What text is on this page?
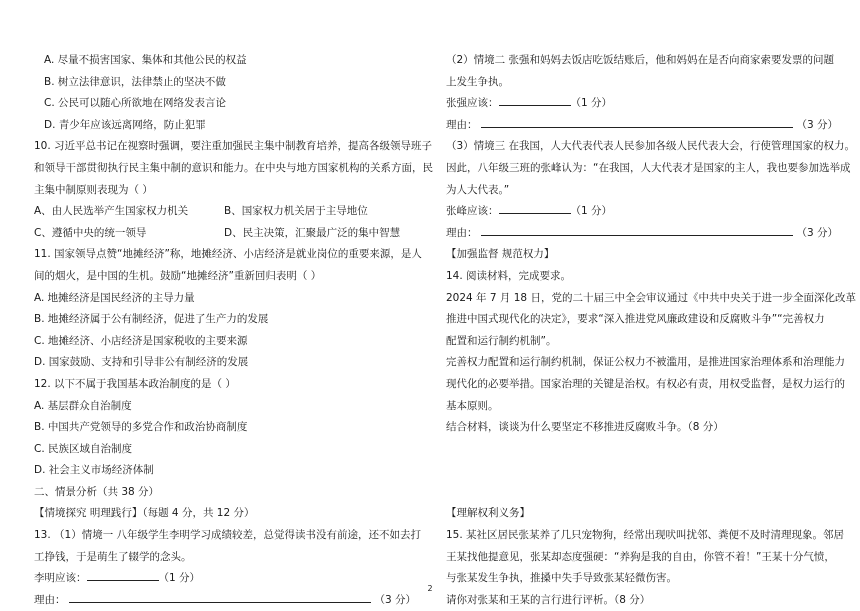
A. 尽量不损害国家、集体和其他公民的权益
B. 树立法律意识，法律禁止的坚决不做
C. 公民可以随心所欲地在网络发表言论
D. 青少年应该远离网络，防止犯罪
10. 习近平总书记在视察时强调，要注重加强民主集中制教育培养，提高各级领导班子
和领导干部贯彻执行民主集中制的意识和能力。在中央与地方国家机构的关系方面，民
主集中制原则表现为（ ）
A、由人民选举产生国家权力机关	B、国家权力机关居于主导地位
C、遵循中央的统一领导	D、民主决策，汇聚最广泛的集中智慧
11. 国家领导点赞“地摊经济”称，地摊经济、小店经济是就业岗位的重要来源，是人
间的烟火，是中国的生机。鼓励“地摊经济”重新回归表明（ ）
A. 地摊经济是国民经济的主导力量
B. 地摊经济属于公有制经济，促进了生产力的发展
C. 地摊经济、小店经济是国家税收的主要来源
D. 国家鼓励、支持和引导非公有制经济的发展
12. 以下不属于我国基本政治制度的是（ ）
A. 基层群众自治制度
B. 中国共产党领导的多党合作和政治协商制度
C. 民族区域自治制度
D. 社会主义市场经济体制
二、情景分析（共 38 分）
【情境探究 明理践行】（每题 4 分，共 12 分）
13. （1）情境一 八年级学生李明学习成绩较差，总觉得读书没有前途，还不如去打
工挣钱，于是萌生了辍学的念头。
李明应该：	（1 分）
理由：	（3 分）
（2）情境二 张强和妈妈去饭店吃饭结账后，他和妈妈在是否向商家索要发票的问题
上发生争执。
张强应该：	（1 分）
理由：	（3 分）
（3）情境三 在我国，人大代表代表人民参加各级人民代表大会，行使管理国家的权力。
因此，八年级三班的张峰认为：“在我国，人大代表才是国家的主人，我也要参加选举成
为人大代表。”
张峰应该：	（1 分）
理由：	（3 分）
【加强监督 规范权力】
14. 阅读材料，完成要求。
2024 年 7 月 18 日，党的二十届三中全会审议通过《中共中央关于进一步全面深化改革
推进中国式现代化的决定》，要求“深入推进党风廉政建设和反腐败斗争”“完善权力
配置和运行制约机制”。
完善权力配置和运行制约机制，保证公权力不被滥用，是推进国家治理体系和治理能力
现代化的必要举措。国家治理的关键是治权。有权必有责，用权受监督，是权力运行的
基本原则。
结合材料，谈谈为什么要坚定不移推进反腐败斗争。（8 分）
【理解权利义务】
15. 某社区居民张某养了几只宠物狗，经常出现吠叫扰邻、粪便不及时清理现象。邻居
王某找他提意见，张某却态度强硬：“养狗是我的自由，你管不着！”王某十分气愤，
与张某发生争执，推搡中失手导致张某轻微伤害。
请你对张某和王某的言行进行评析。（8 分）
2
